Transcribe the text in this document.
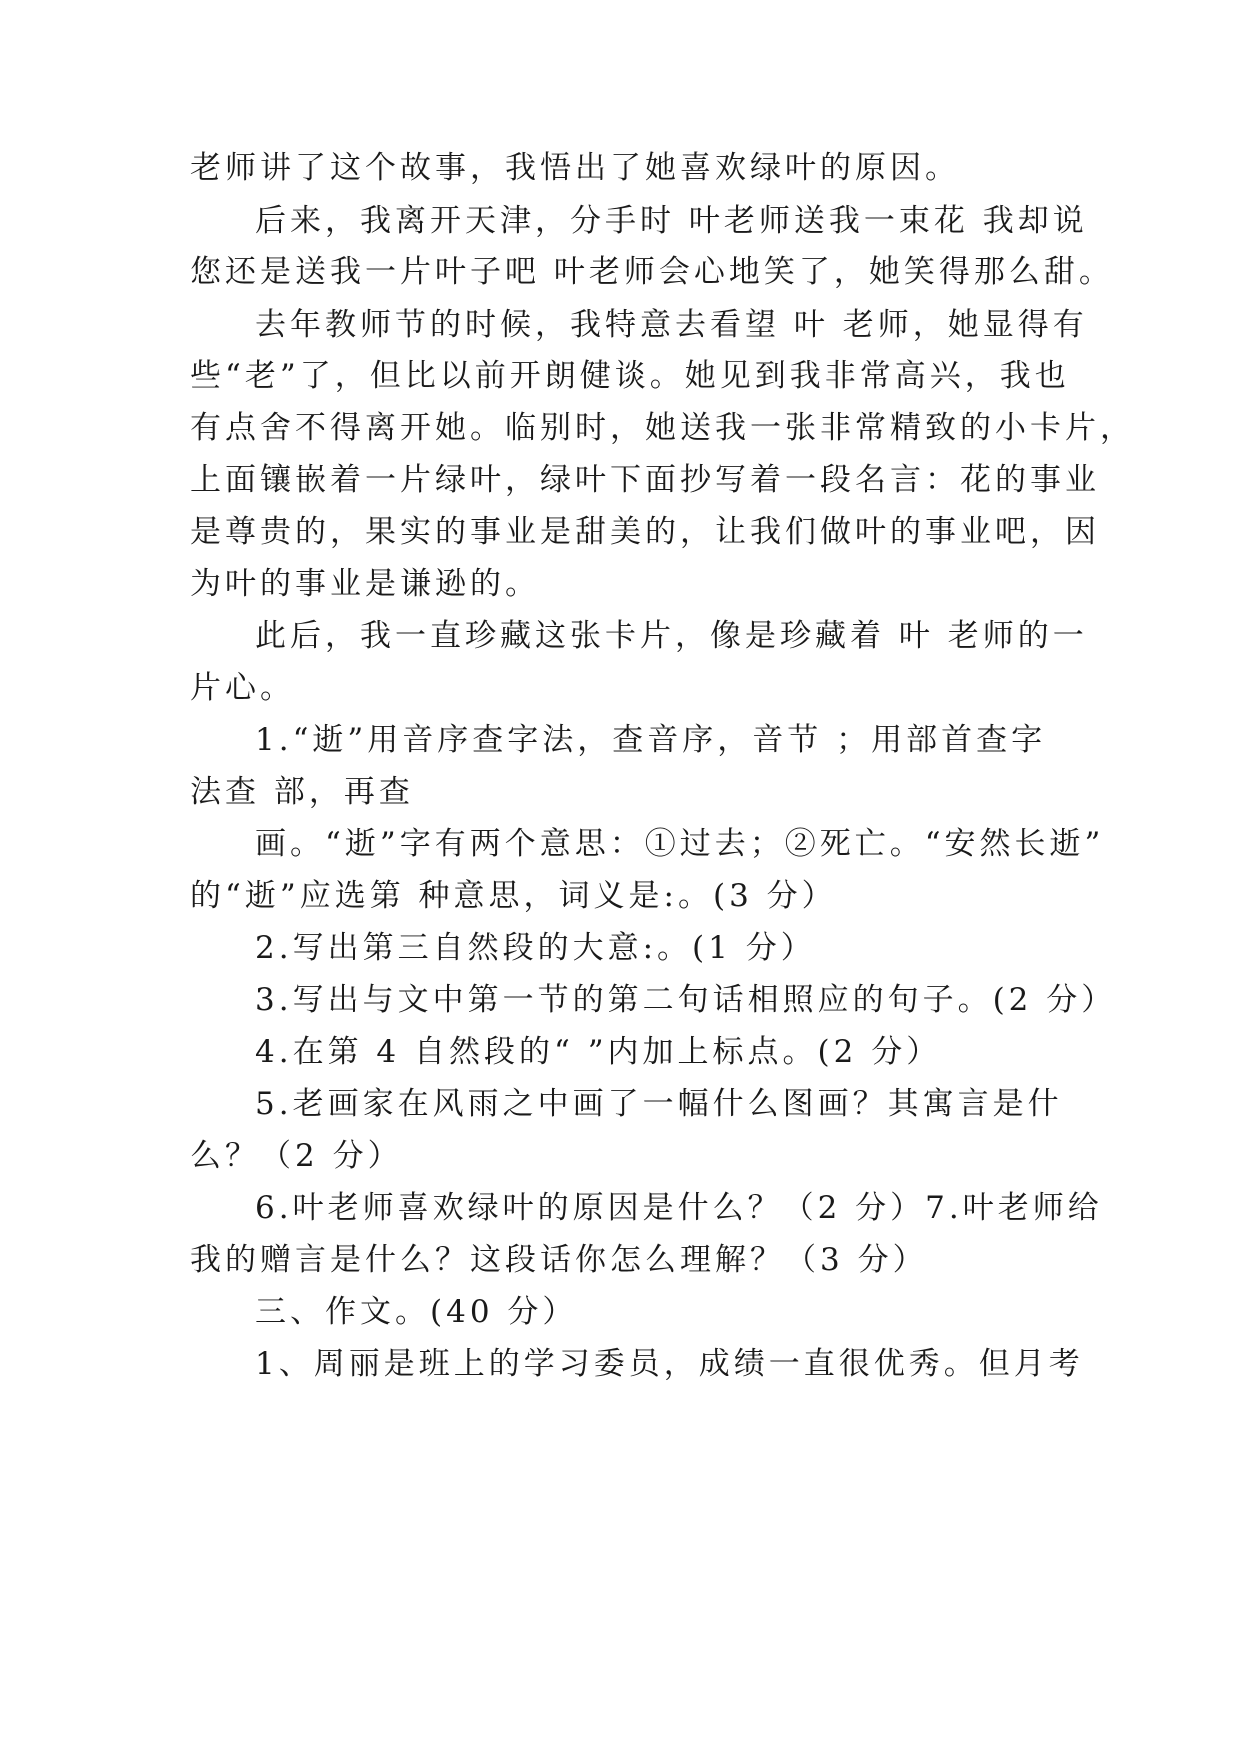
老师讲了这个故事，我悟出了她喜欢绿叶的原因。
后来，我离开天津，分手时 叶老师送我一束花 我却说
您还是送我一片叶子吧 叶老师会心地笑了，她笑得那么甜。
去年教师节的时候，我特意去看望 叶 老师，她显得有
些“老”了，但比以前开朗健谈。她见到我非常高兴，我也
有点舍不得离开她。临别时，她送我一张非常精致的小卡片，
上面镶嵌着一片绿叶，绿叶下面抄写着一段名言：花的事业
是尊贵的，果实的事业是甜美的，让我们做叶的事业吧，因
为叶的事业是谦逊的。
此后，我一直珍藏这张卡片，像是珍藏着 叶 老师的一
片心。
1.“逝”用音序查字法，查音序，音节 ；用部首查字
法查 部，再查
画。“逝”字有两个意思：①过去；②死亡。“安然长逝”
的“逝”应选第 种意思，词义是:。(3 分）
2.写出第三自然段的大意:。(1 分）
3.写出与文中第一节的第二句话相照应的句子。(2 分）
4.在第 4 自然段的“ ”内加上标点。(2 分）
5.老画家在风雨之中画了一幅什么图画？其寓言是什
么？（2 分）
6.叶老师喜欢绿叶的原因是什么？（2 分）7.叶老师给
我的赠言是什么？这段话你怎么理解？（3 分）
三、作文。(40 分）
1、周丽是班上的学习委员，成绩一直很优秀。但月考
